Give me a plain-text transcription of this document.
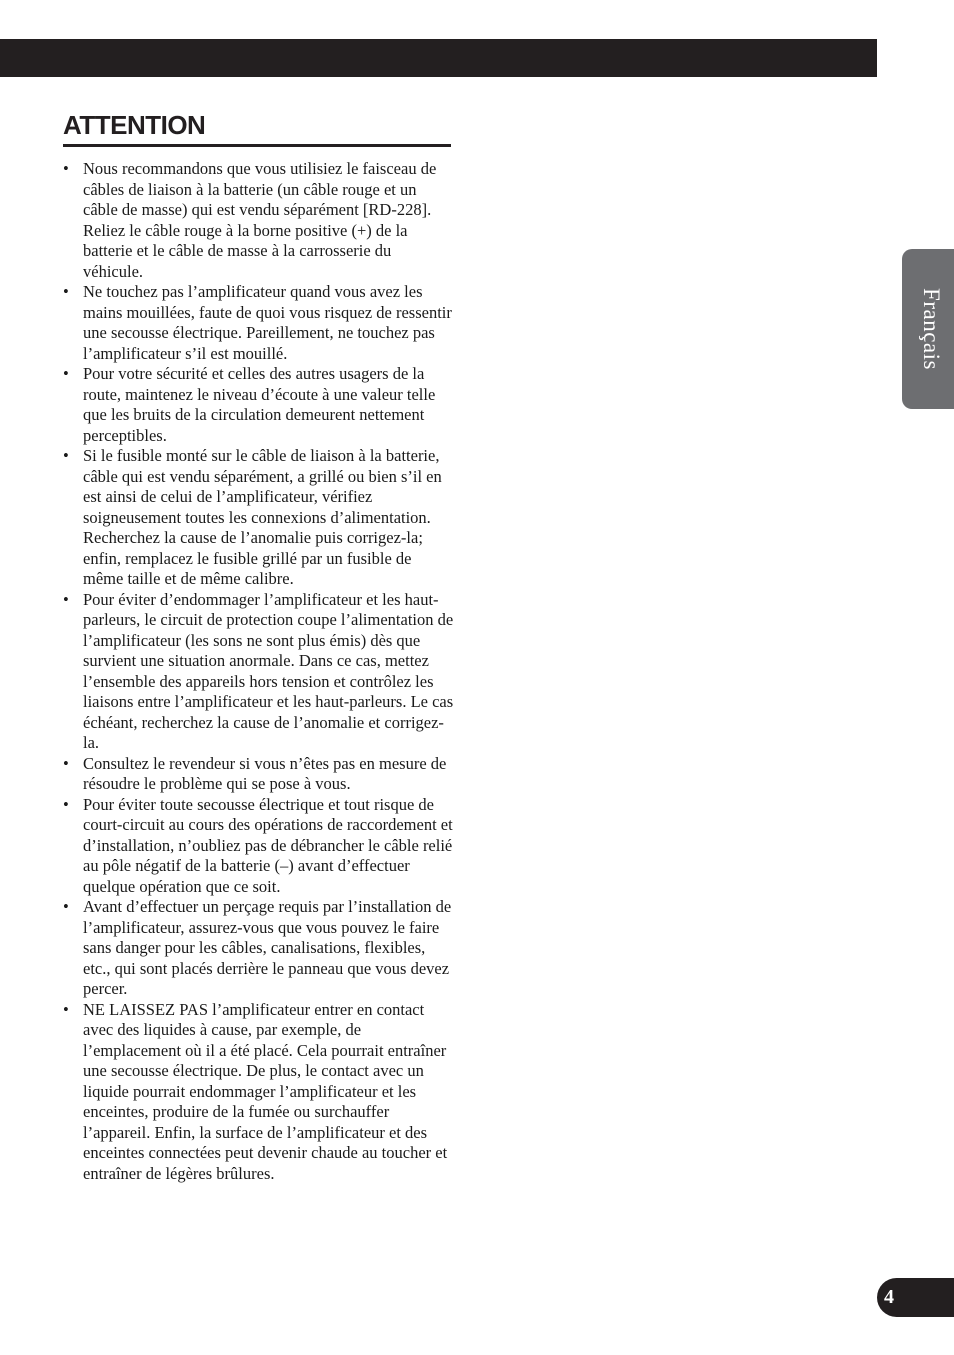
ATTENTION
• Nous recommandons que vous utilisiez le faisceau de câbles de liaison à la batterie (un câble rouge et un câble de masse) qui est vendu séparément [RD-228]. Reliez le câble rouge à la borne positive (+) de la batterie et le câble de masse à la carrosserie du véhicule.
• Ne touchez pas l’amplificateur quand vous avez les mains mouillées, faute de quoi vous risquez de ressentir une secousse électrique. Pareillement, ne touchez pas l’amplificateur s’il est mouillé.
• Pour votre sécurité et celles des autres usagers de la route, maintenez le niveau d’écoute à une valeur telle que les bruits de la circulation demeurent nettement perceptibles.
• Si le fusible monté sur le câble de liaison à la batterie, câble qui est vendu séparément, a grillé ou bien s’il en est ainsi de celui de l’amplificateur, vérifiez soigneusement toutes les connexions d’alimentation. Recherchez la cause de l’anomalie puis corrigez-la; enfin, remplacez le fusible grillé par un fusible de même taille et de même calibre.
• Pour éviter d’endommager l’amplificateur et les haut-parleurs, le circuit de protection coupe l’alimentation de l’amplificateur (les sons ne sont plus émis) dès que survient une situation anormale. Dans ce cas, mettez l’ensemble des appareils hors tension et contrôlez les liaisons entre l’amplificateur et les haut-parleurs. Le cas échéant, recherchez la cause de l’anomalie et corrigez-la.
• Consultez le revendeur si vous n’êtes pas en mesure de résoudre le problème qui se pose à vous.
• Pour éviter toute secousse électrique et tout risque de court-circuit au cours des opérations de raccordement et d’installation, n’oubliez pas de débrancher le câble relié au pôle négatif de la batterie (–) avant d’effectuer quelque opération que ce soit.
• Avant d’effectuer un perçage requis par l’installation de l’amplificateur, assurez-vous que vous pouvez le faire sans danger pour les câbles, canalisations, flexibles, etc., qui sont placés derrière le panneau que vous devez percer.
• NE LAISSEZ PAS l’amplificateur entrer en contact avec des liquides à cause, par exemple, de l’emplacement où il a été placé. Cela pourrait entraîner une secousse électrique. De plus, le contact avec un liquide pourrait endommager l’amplificateur et les enceintes, produire de la fumée ou surchauffer l’appareil. Enfin, la surface de l’amplificateur et des enceintes connectées peut devenir chaude au toucher et entraîner de légères brûlures.
Français
4
